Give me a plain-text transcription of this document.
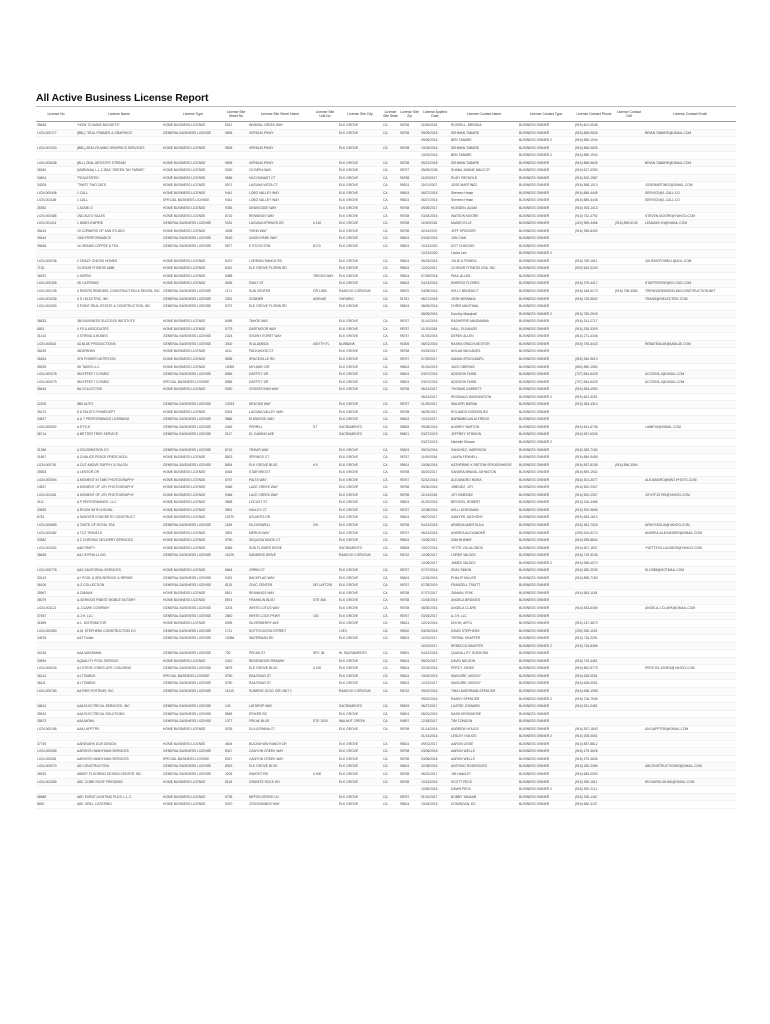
All Active Business License Report
License No	License Name	License Type	License Site Street No	License Site Street Name	License Site Unit No	License Site City	License Site State	License Site Zip	License Applied Date	License Contact Name	License Contact Type	License Contact Phone	License Contact Cell	License Contact Email
35648	"HOW TO MAKE BUDGETS"	HOME BUSINESS LICENSE	5912	INVARAL CREEK WAY		ELK GROVE	CA	95758	11/08/2016	RUSSELL, BRENDA	BUSINESS OWNER	(916) 601-0048		
LICN-000177	(BBL) "ZEAL FRAMES & GRAPHICS"	GENERAL BUSINESS LICENSE	9505	VERDUN PKWY		ELK GROVE	CA	95758	09/05/2016	SEHMAN TABARE	BUSINESS OWNER	(916) 865-9626		BRIAN.TABARE@GMAIL.COM
									09/05/2016	BEN TABARE	BUSINESS OWNER 2	(916) 889-1944		
LICN-001030	(BBL) ZEAL FILMING GRAPHICS SERVICES	HOME BUSINESS LICENSE	9505	VERDUN PKWY		ELK GROVE	CA	95758	10/03/2016	SEHMAN TABARE	BUSINESS OWNER	(916) 865-9626		
									10/03/2016	BEN TABARE	BUSINESS OWNER 2	(916) 889-1944		
LICN-000636	(BLL) ZEAL ARTISTRY STREAM	HOME BUSINESS LICENSE	9505	VERDUN PKWY		ELK GROVE	CA	95758	05/21/2018	SEHMAN TABARE	BUSINESS OWNER	(916) 865-9626		BRIAN.TABARE@GMAIL.COM
36349	(MARIANA) L.L.C.DBA "GREEN TAY FARMS"	HOME BUSINESS LICENSE	9330	OLYMPIA WAY		ELK GROVE	CA	95757	05/09/2008	SHANA JANINE MACCOY	BUSINESS OWNER	(916) 627-3390		
34604	"FEALESS"ED	HOME BUSINESS LICENSE	9686	MCCONNAST CT		ELK GROVE	CA	95758	11/03/2017	RUDY REYNOLD	BUSINESS OWNER	(916) 502-1987		
34205	"TWIST TWO ZATS	HOME BUSINESS LICENSE	8971	LAGUNA VISTA CT		ELK GROVE	CA	95624	11/01/2007	JOSE MARTINEZ	BUSINESS OWNER	(916) 968-1013		JOSEMARTINEZ@GMAIL.COM
LICN-000946	1 CALL	HOME BUSINESS LICENSE	9441	LOBO VALLEY WAY		ELK GROVE	CA	95624	06/27/2016	Shereen Hman	BUSINESS OWNER	(916) 889-4445		SERVICE@1-CALL.CO
LICN-001166	1 CALL	SPECIAL BUSINESS LICENSE	9441	LOBO VALLEY WAY		ELK GROVE	CA	95624	06/27/2016	Shereen Hman	BUSINESS OWNER	(916) 889-4445		SERVICE@1-CALL.CO
35352	1 ACME-O	HOME BUSINESS LICENSE	9336	DINWOODIE WAY		ELK GROVE	CA	95758	09/25/2017	HUSSEIN, ADAM	BUSINESS OWNER	(916) 393-1413		
LICN-000486	1ND AUTO SALES	HOME BUSINESS LICENSE	8716	RENNINGS WAY		ELK GROVE	CA	95758	03/18/2016	WATSON MOORE	BUSINESS OWNER	(916) 752-4792		STEVEN.MOORE@YAHOO.COM
LICN-001411	1 NINE2 EMPIRE	GENERAL BUSINESS LICENSE	9331	LAGUNA SPRINGS DR	# 140	ELK GROVE	CA	95758	11/06/2016	MADELYN LE	BUSINESS OWNER	(424) 969-4466	(916) 896-5130	LEMADELYN@GMAIL.COM
35443	10 CORNERS OF SAN STUDIO	HOME BUSINESS LICENSE	4028	THEIN WAY		ELK GROVE	CA	95758	02/14/2007	JEFF SPENCER	BUSINESS OWNER	(916) 395-8493		
35444	1000 PERFORMANCE	GENERAL BUSINESS LICENSE	9160	UNION PARK WAY		ELK GROVE	CA	95624	03/16/2016	JUN CHAI	BUSINESS OWNER			
35636	16 GRAMS COFFEE & TEA	GENERAL BUSINESS LICENSE	9677	E STOCKTON	B170	ELK GROVE	CA	95624	10/13/2020	DOT CHIGONG	BUSINESS OWNER			
									10/13/2020	Lucha Lee	BUSINESS OWNER 2			
LICN-000236	2 CRAZY CHICKS HOMES	HOME BUSINESS LICENSE	8470	LORRAIN RANCH RD		ELK GROVE	CA	95624	05/23/2016	JULIE A POWELL	BUSINESS OWNER	(916) 769-1611		JULIEMCPOWELL@AOL.COM
7130	24 HOUR FITNESS #889	HOME BUSINESS LICENSE	8431	ELK GROVE FLORIN RD		ELK GROVE	CA	95624	12/01/2017	24 HOUR FITNESS USA, INC	BUSINESS OWNER	(925) 543-3100		
36037	2 ASPEN	HOME BUSINESS LICENSE	9488		TRIGUS WAY	ELK GROVE	CA	95624	07/25/2018	PAUL ALLEN	BUSINESS OWNER			
LICN-000306	3D CATERING	HOME BUSINESS LICENSE	5636	EMILY ST		ELK GROVE	CA	95624	04/13/2016	EMERSO FLORES	BUSINESS OWNER	(916) 370-4417		STAFFEROSE@ICLOUD.COM
LICN-000135	3 RIVERS REMODEL CONSTRUCTION & RENTAL INC	GENERAL BUSINESS LICENSE	1171	SUN CENTER	OR 100B	RANCHO CORDOVA	CA	95670	04/05/2016	KELLY BENEDICT	BUSINESS OWNER	(916) 446-6173	(916) 798-3384	TRIPANGREMODELINGCONSTRUCTION.NET
LICN-001006	3 S I ELECTRIC, INC	GENERAL BUSINESS LICENSE	2251	DONNER	AVENUE	ONTARIO	CA	91761	06/17/2018	JOSE MIRANDA	BUSINESS OWNER	(916) 725-9602		TRANS@SIELECTRIC.COM
LICN-001050	3 POINT REAL ESTATE & CONSTRUCTION, INC	GENERAL BUSINESS LICENSE	5707	ELK GROVE FLORIN RD		ELK GROVE	CA	95624	08/05/2016	CHRIS MACPHAIL	BUSINESS OWNER			
									08/05/2016	Dorothy Macphail	BUSINESS OWNER 2	(916) 750-2949		
36833	360 BUSINESS SUCCESS INSTITUTE	HOME BUSINESS LICENSE	8496	TAHOE WAY		ELK GROVE	CA	95757	01/14/2016	RADHIPRIP ANNDAMMA	BUSINESS OWNER	(916) 241-2717		
6801	4 FS & ASSOCIATES	HOME BUSINESS LICENSE	5775	DARTMOOR WAY		ELK GROVE	CA	95757	11/10/2015	HALL, ELEANOR	BUSINESS OWNER	(916) 335-3309		
31410	4 STRING & BONES	GENERAL BUSINESS LICENSE	2424	SNOWY EGRET WAY		ELK GROVE	CA	95757	01/03/2018	DEREK ALLEN	BUSINESS OWNER	(916) 271-4346		
LICN-000841	4A BLUE PRODUCTIONS	GENERAL BUSINESS LICENSE	3000	W ALAMEDA	#307TH FL	BURBANK	CA	91505	08/01/2016	RASHA GRACH-KESTOR	BUSINESS OWNER	(916) 793-4443		REBATE8LUE@4ABLUE.COM
35249	4D/SPARKS	HOME BUSINESS LICENSE	4111	PACKWOOD CT		ELK GROVE	CA	95758	03/15/2017	NOLAN WILKADES	BUSINESS OWNER			
36264	4TH POWER NUTRITION	HOME BUSINESS LICENSE	5836	SPACEVILLE RD		ELK GROVE	CA	95757	07/29/2017	KANAN SPOOLBAPD	BUSINESS OWNER	(916) 384-9613		
35039	5D TAKES LLC	HOME BUSINESS LICENSE	10055	MYLAND CIR		ELK GROVE	CA	95624	01/04/2019	JACK OBRONG	BUSINESS OWNER	(650) 889-1060		
LICN-000078	5M EFFECT G.PARIZ	GENERAL BUSINESS LICENSE	8966	DAFFITY DR		ELK GROVE	CA	95624	03/07/2016	ADDISON FASIB	BUSINESS OWNER	(707) 664-6425		ACCESSLJ@GMAIL.COM
LICN-000079	5M EFFECT G.PARIZ	SPECIAL BUSINESS LICENSE	8966	DAFFITY DR		ELK GROVE	CA	95624	03/07/2016	ADDISON FASIB	BUSINESS OWNER	(707) 664-6425		ACCESSLJ@GMAIL.COM
35444	8A COLLECTIVE	HOME BUSINESS LICENSE	9430	CROSSTOWN WAY		ELK GROVE	CA	95758	08/14/2017	THOMAS GARRETT	BUSINESS OWNER	(916) 553-4050		
									08/14/2017	REGINALD WASHINGTON	BUSINESS OWNER 2	(916) 661-3251		
32205	8BS AUTO	GENERAL BUSINESS LICENSE	10253	NEW BIS WAY		ELK GROVE	CA	95757	01/25/2017	WALKER BURNA	BUSINESS OWNER	(916) 384-4314		
35170	8 & FALSTO FINNEGEPT	HOME BUSINESS LICENSE	5324	LAGUNA VALLEY WAY		ELK GROVE	CA	95758	06/25/2017	ROLANDO RODRIGUEZ	BUSINESS OWNER			
34527	A & T PERFORMANCE LEARNING	GENERAL BUSINESS LICENSE	9886	ELMWOOD WAY		ELK GROVE	CA	95624	10/11/2017	BARBABELAN ALFREDO	BUSINESS OWNER			
LICN-000502	A STYLE	GENERAL BUSINESS LICENSE	4346	PERRILL	ST	SACRAMENTO	CA	95828	09/26/2016	AUDREY BARTON	BUSINESS OWNER	(916) 841-6736		LIABEYA@GMAIL.COM
36714	A BETTER TREE SERVICE	GENERAL BUSINESS LICENSE	3117	EL CAMINO AVE		SACRAMENTO	CA	95821	03/27/2019	JEFFREY STINSON	BUSINESS OWNER	(916) 967-6026		
									03/27/2019	Michelle Stinson	BUSINESS OWNER 2			
31356	A CELEBRATION CO	GENERAL BUSINESS LICENSE	8716	TRAVIS WAY		ELK GROVE	CA	95624	09/01/2016	SANCHEZ, HARRISON	BUSINESS OWNER	(916) 383-7180		
31867	A CHALICE PEACE PRESCHOOL	HOME BUSINESS LICENSE	8823	SPRINGS CT		ELK GROVE	CA	95757	11/05/2016	LAURA FENNELL	BUSINESS OWNER	(916) 684-9455		
LICN-000761	A CUT ABOVE SUPPLY & SALON	GENERAL BUSINESS LICENSE	8834	ELK GROVE BLVD	# 5	ELK GROVE	CA	95624	10/06/2016	KATHERINE K RIETOM SPICKENHEISE	BUSINESS OWNER	(916) 557-8158	(916) 896-3064	
35653	A LENTOR OR	HOME BUSINESS LICENSE	6264	STAR BROOT		ELK GROVE	CA	95758	08/10/2017	SANDRA BRAND-JOHNSTON	BUSINESS OWNER	(916) 890-1932		
LICN-000094	A MOMENT IN TIME PHOTOGRAPHY	HOME BUSINESS LICENSE	5757	PALTA WAY		ELK GROVE	CA	95757	02/12/2016	ALEJANDRO MORA	BUSINESS OWNER	(916) 301-3077		ALEJANDRO@MNT-PHOTO.COM
13537	A MOMENT OF JOY PHOTOGRAPHY	HOME BUSINESS LICENSE	9466	LACE CREEK WAY		ELK GROVE	CA	95758	09/30/2016	JIMENEZ, JOY	BUSINESS OWNER	(916) 502-2307		
LICN-001451	A MOMENT OF JOY PHOTOGRAPHY	HOME BUSINESS LICENSE	9466	LACE CREEK WAY		ELK GROVE	CA	95758	11/14/2016	JOY KIMENEZ	BUSINESS OWNER	(916) 502-2307		JOYOFJOY99@YAHOO.COM
3111	A P PERFORMANCE, LLC	HOME BUSINESS LICENSE	9668	LOCUST ST		ELK GROVE	CA	95624	01/02/2016	BRYSON, ROBERT	BUSINESS OWNER	(916) 316-3486		
33635	A ROOM WITH A BOWL	HOME BUSINESS LICENSE	9651	HALLEY CT		ELK GROVE	CA	95757	02/08/2016	KELLI DIVEOMAN	BUSINESS OWNER	(916) 300-9656		
8781	A SAWYER CONCRETE CONSTRUCT	HOME BUSINESS LICENSE	10270	ATLANTIS DR		ELK GROVE	CA	95624	06/07/2017	SAWYER, ANTHONY	BUSINESS OWNER	(916) 683-1613		
LICN-000689	A TASTE OF ROYAL TEA	GENERAL BUSINESS LICENSE	1198	KILOONWELL	OH	ELK GROVE	CA	95758	04/14/2016	ARNEDA MARTOULA	BUSINESS OWNER	(916) 381-7026		ARNY.FADLIA@YAHOO.COM
LICN-000482	A TCZ TRAVELS	HOME BUSINESS LICENSE	3551	MERLIN WAY		ELK GROVE	CA	95757	06/13/2016	ANDREA ALEXANDER	BUSINESS OWNER	(209) 304-5174		ANDREA.ALEXANDER@GMAIL.COM
33382	A Z CHRONIC DELIVERY SERVICES	HOME BUSINESS LICENSE	5750	SEQUOIA WOOD CT		ELK GROVE	CA	95624	10/05/2017	SAM BHANIR	BUSINESS OWNER	(916) 595-8844		
LICN-001002	A&E PARTY	HOME BUSINESS LICENSE	8066	SUN FLOWER DRIVE		SACRAMENTO	CA	95828	10/07/2016	YETTE VILLALOBOS	BUSINESS OWNER	(916) 607-1537		YVETTEVILLALOBOS@YAHOO.COM
38465	A&J SYPHA LL INC	GENERAL BUSINESS LICENSE	11025	SANDERS DRIVE		RANCHO CORDOVA	CA	95742	12/06/2017	LOREE VALDEZ	BUSINESS OWNER	(916) 719-3246		
									12/06/2017	JAMES VALDEZ	BUSINESS OWNER 2	(916) 955-4070		
LICN-000776	A&S JANITORIAL SERVICES	HOME BUSINESS LICENSE	6664	ORRIN CT		ELK GROVE	CA	95757	07/27/2016	SEAY SIMON	BUSINESS OWNER	(916) 380-2039		SLOS85@HOTMAIL.COM
33143	A+ POOL & SPA SERVICE & REPAIR	GENERAL BUSINESS LICENSE	9431	BACKFLAG WAY		ELK GROVE	CA	95624	12/18/2015	PHILLIP MILLER	BUSINESS OWNER	(916) 855-7150		
36106	A-Z COLLECTION	GENERAL BUSINESS LICENSE	8115	CIVIC CENTER	DR LAFT200	ELK GROVE	CA	95757	07/28/2019	FRANZELL TRUITT	BUSINESS OWNER			
35967	A ZAMANI	HOME BUSINESS LICENSE	8511	RENNINGS WAY		ELK GROVE	CA	95758	07/27/2017	ZAMANI, ERIK	BUSINESS OWNER	(916) 583-1148		
36079	A-SERIOUS FINEST MOBILE NOTARY	HOME BUSINESS LICENSE	8574	FRANKLIN BLVD	STE 366	ELK GROVE	CA	95758	10/18/2019	ANGELA BRIDGES	BUSINESS OWNER			
LICN-001121	A.-CLARK COMPANY	GENERAL BUSINESS LICENSE	3203	WHITE LOTUS WAY		ELK GROVE	CA	95758	08/30/2016	ANGELA CLARK	BUSINESS OWNER	(916) 833-6406		ANGELA.J.CLARK@GMAIL.COM
37457	A.J.H, LLC	GENERAL BUSINESS LICENSE	2840	WHITE LOCK PKWY	100	ELK GROVE	CA	95757	03/15/2017	A.J.H, LLC	BUSINESS OWNER			
31859	A.L. DISTRIBUTOR	HOME BUSINESS LICENSE	6095	SILVERBERRY AVE		ELK GROVE	CA	95624	12/01/2016	DIXON, ARTU	BUSINESS OWNER	(916) 247-4672		
LICN-000363	A.M. STEPHENS CONSTRUCTION CO	GENERAL BUSINESS LICENSE	1711	SUTTOCATION STREET		LODI	CA	95240	03/03/2016	DAVID STEPHENS	BUSINESS OWNER	(209) 325-1153		
34676	A&T Folder	GENERAL BUSINESS LICENSE	10086	WATERMAN RD		ELK GROVE	CA	95624	11/03/2017	TERRAL SHAFFER	BUSINESS OWNER	(916) 716-2291		
									11/03/2017	REBECCA SHAFFER	BUSINESS OWNER 2	(916) 716-8496		
30146	AAA WASHMAN	GENERAL BUSINESS LICENSE	730	PECAN ST	SPC 36	W. SACRAMENTO	CA	95691	04/12/2016	QUAYALLITY GUEDORA	BUSINESS OWNER			
33994	AQUALITY POOL SERVICE	HOME BUSINESS LICENSE	2310	RIDGEMOOR DRAWAY		ELK GROVE	CA	95624	05/01/2017	DAVID NELSON	BUSINESS OWNER	(916) 719-4461		
LICN-000016	A1 STEVE JONES LIFE COACHING	GENERAL BUSINESS LICENSE	9675	ELK GROVE BLVD	# 100	ELK GROVE	CA	95624	02/03/2016	PERCY JONES	BUSINESS OWNER	(916) 862-8775		PERCYM.JONES@YAHOO.COM
36114	A1 TOWING	SPECIAL BUSINESS LICENSE	5750	RAILROAD ST		ELK GROVE	CA	95624	10/02/2019	MAGUIRE, MICKEY	BUSINESS OWNER	(916) 628-0051		
36111	A1 TOWING	GENERAL BUSINESS LICENSE	5750	RAILROAD ST		ELK GROVE	CA	95624	12/12/2017	MAGUIRE, MICKEY	BUSINESS OWNER	(916) 628-0051		
LICN-000784	AA FIRE SYSTEMS, INC	GENERAL BUSINESS LICENSE	11410	SUNRISE GOLD CIR UNIT 1		RANCHO CORDOVA	CA	95742	09/22/2016	TINA HAGERMAN-SPENCER	BUSINESS OWNER	(916) 638-1055		
									09/22/2016	RANDY SPENCER	BUSINESS OWNER 2	(916) 706-7546		
18614	AAA ELECTRICAL SERVICES, INC	GENERAL BUSINESS LICENSE	143	LATHROP WAY		SACRAMENTO	CA	95815	06/27/2017	LUATSE, EDWARD	BUSINESS OWNER	(916) 921-0481		
35519	AAA ELECTRICAL SOLUTIONS	GENERAL BUSINESS LICENSE	8848	ERIXER RD		ELK GROVE	CA	95624	06/01/2019	NASH KRISOMOSE	BUSINESS OWNER			
35573	AAA MONU	GENERAL BUSINESS LICENSE	1377	FREAK BLVD	STE 1000	WALNUT CREEK	CA	94597	12/18/2017	TIM CONDON	BUSINESS OWNER			
LICN-000196	AAA LAPPTRS	HOME BUSINESS LICENSE	9225	DULLERNINA CT		ELK GROVE	CA	95758	01/14/2016	ANDREW HOUGS	BUSINESS OWNER	(916) 397-1843		AN.DAPPTRS@GMAIL.COM
									01/14/2016	LESLEY HOUGS	BUSINESS OWNER 2	(916) 208-0061		
37746	AARDVARK DUE DESIGN	HOME BUSINESS LICENSE	4604	BUCKSHOW RANCH DR		ELK GROVE	CA	95624	09/01/2017	AARON LEIGE	BUSINESS OWNER	(916) 887-8812		
LICN-000065	AARON'S HANDYMAN SERVICES	GENERAL BUSINESS LICENSE	8317	CANYON CREEK WAY		ELK GROVE	CA	95758	03/06/2018	AARON WELLS	BUSINESS OWNER	(916) 479-3626		
LICN-000081	AARON'S HANDYMAN SERVICES	SPECIAL BUSINESS LICENSE	8317	CANYON CREEK WAY		ELK GROVE	CA	95758	03/06/2018	AARON WELLS	BUSINESS OWNER	(916) 479-3626		
LICN-000070	AB CONSTRUCTION	GENERAL BUSINESS LICENSE	8919	ELK GROVE BLVD		ELK GROVE	CA	95624	02/28/2016	ANTONIO RODRIGUES	BUSINESS OWNER	(916) 260-2066		ABCONSTRUCTION90@GMAIL.COM
36915	ABBEY FLOORING DESIGN CENTER, INC	GENERAL BUSINESS LICENSE	3206	DWIGHT RD	# 300	ELK GROVE	CA	95758	06/22/2017	JIM HAWLEY	BUSINESS OWNER	(916) 683-0000		
LICN-001080	ABC COME ROOF PRESSING	HOME BUSINESS LICENSE	8118	GRANITE ROCK WY		ELK GROVE	CA	95758	10/13/2016	SCOTT PECK	BUSINESS OWNER	(916) 396-1611		RICHARDLIGHAK@GMAIL.COM
									10/30/2016	DAWN PECK	BUSINESS OWNER 2	(916) 390-2111		
36568	ABC EVENT LIGHTING PLUS, L.L.C	HOME BUSINESS LICENSE	5735	NEPON GROVE LN		ELK GROVE	CA	95757	01/10/2017	BOBBY TANAAR	BUSINESS OWNER	(916) 335-1467		
8692	ABC GRILL CATERING	HOME BUSINESS LICENSE	9470	CROSSWINDS WAY		ELK GROVE	CA	95624	10/16/2019	DOMINGAN, ED	BUSINESS OWNER	(916) 682-3157		
